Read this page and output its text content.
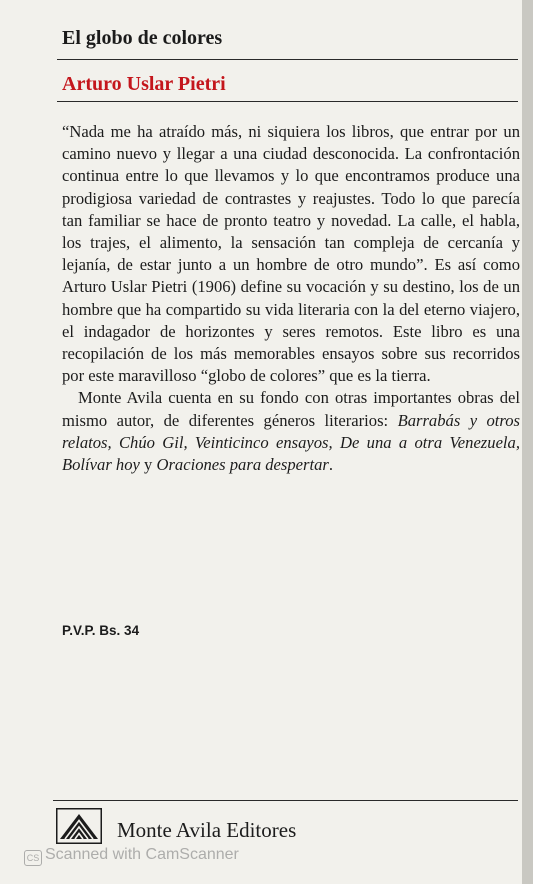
El globo de colores
Arturo Uslar Pietri

“Nada me ha atraído más, ni siquiera los libros, que entrar por un camino nuevo y llegar a una ciudad desconocida. La confrontación continua entre lo que llevamos y lo que encontramos produce una prodigiosa variedad de contrastes y reajustes. Todo lo que parecía tan familiar se hace de pronto teatro y novedad. La calle, el habla, los trajes, el alimento, la sensación tan compleja de cercanía y lejanía, de estar junto a un hombre de otro mundo”. Es así como Arturo Uslar Pietri (1906) define su vocación y su destino, los de un hombre que ha compartido su vida literaria con la del eterno viajero, el indagador de horizontes y seres remotos. Este libro es una recopilación de los más memorables ensayos sobre sus recorridos por este maravilloso “globo de colores” que es la tierra.

Monte Avila cuenta en su fondo con otras importantes obras del mismo autor, de diferentes géneros literarios: Barrabás y otros relatos, Chúo Gil, Veinticinco ensayos, De una a otra Venezuela, Bolívar hoy y Oraciones para despertar.

P.V.P. Bs. 34
Monte Avila Editores
CS Scanned with CamScanner
